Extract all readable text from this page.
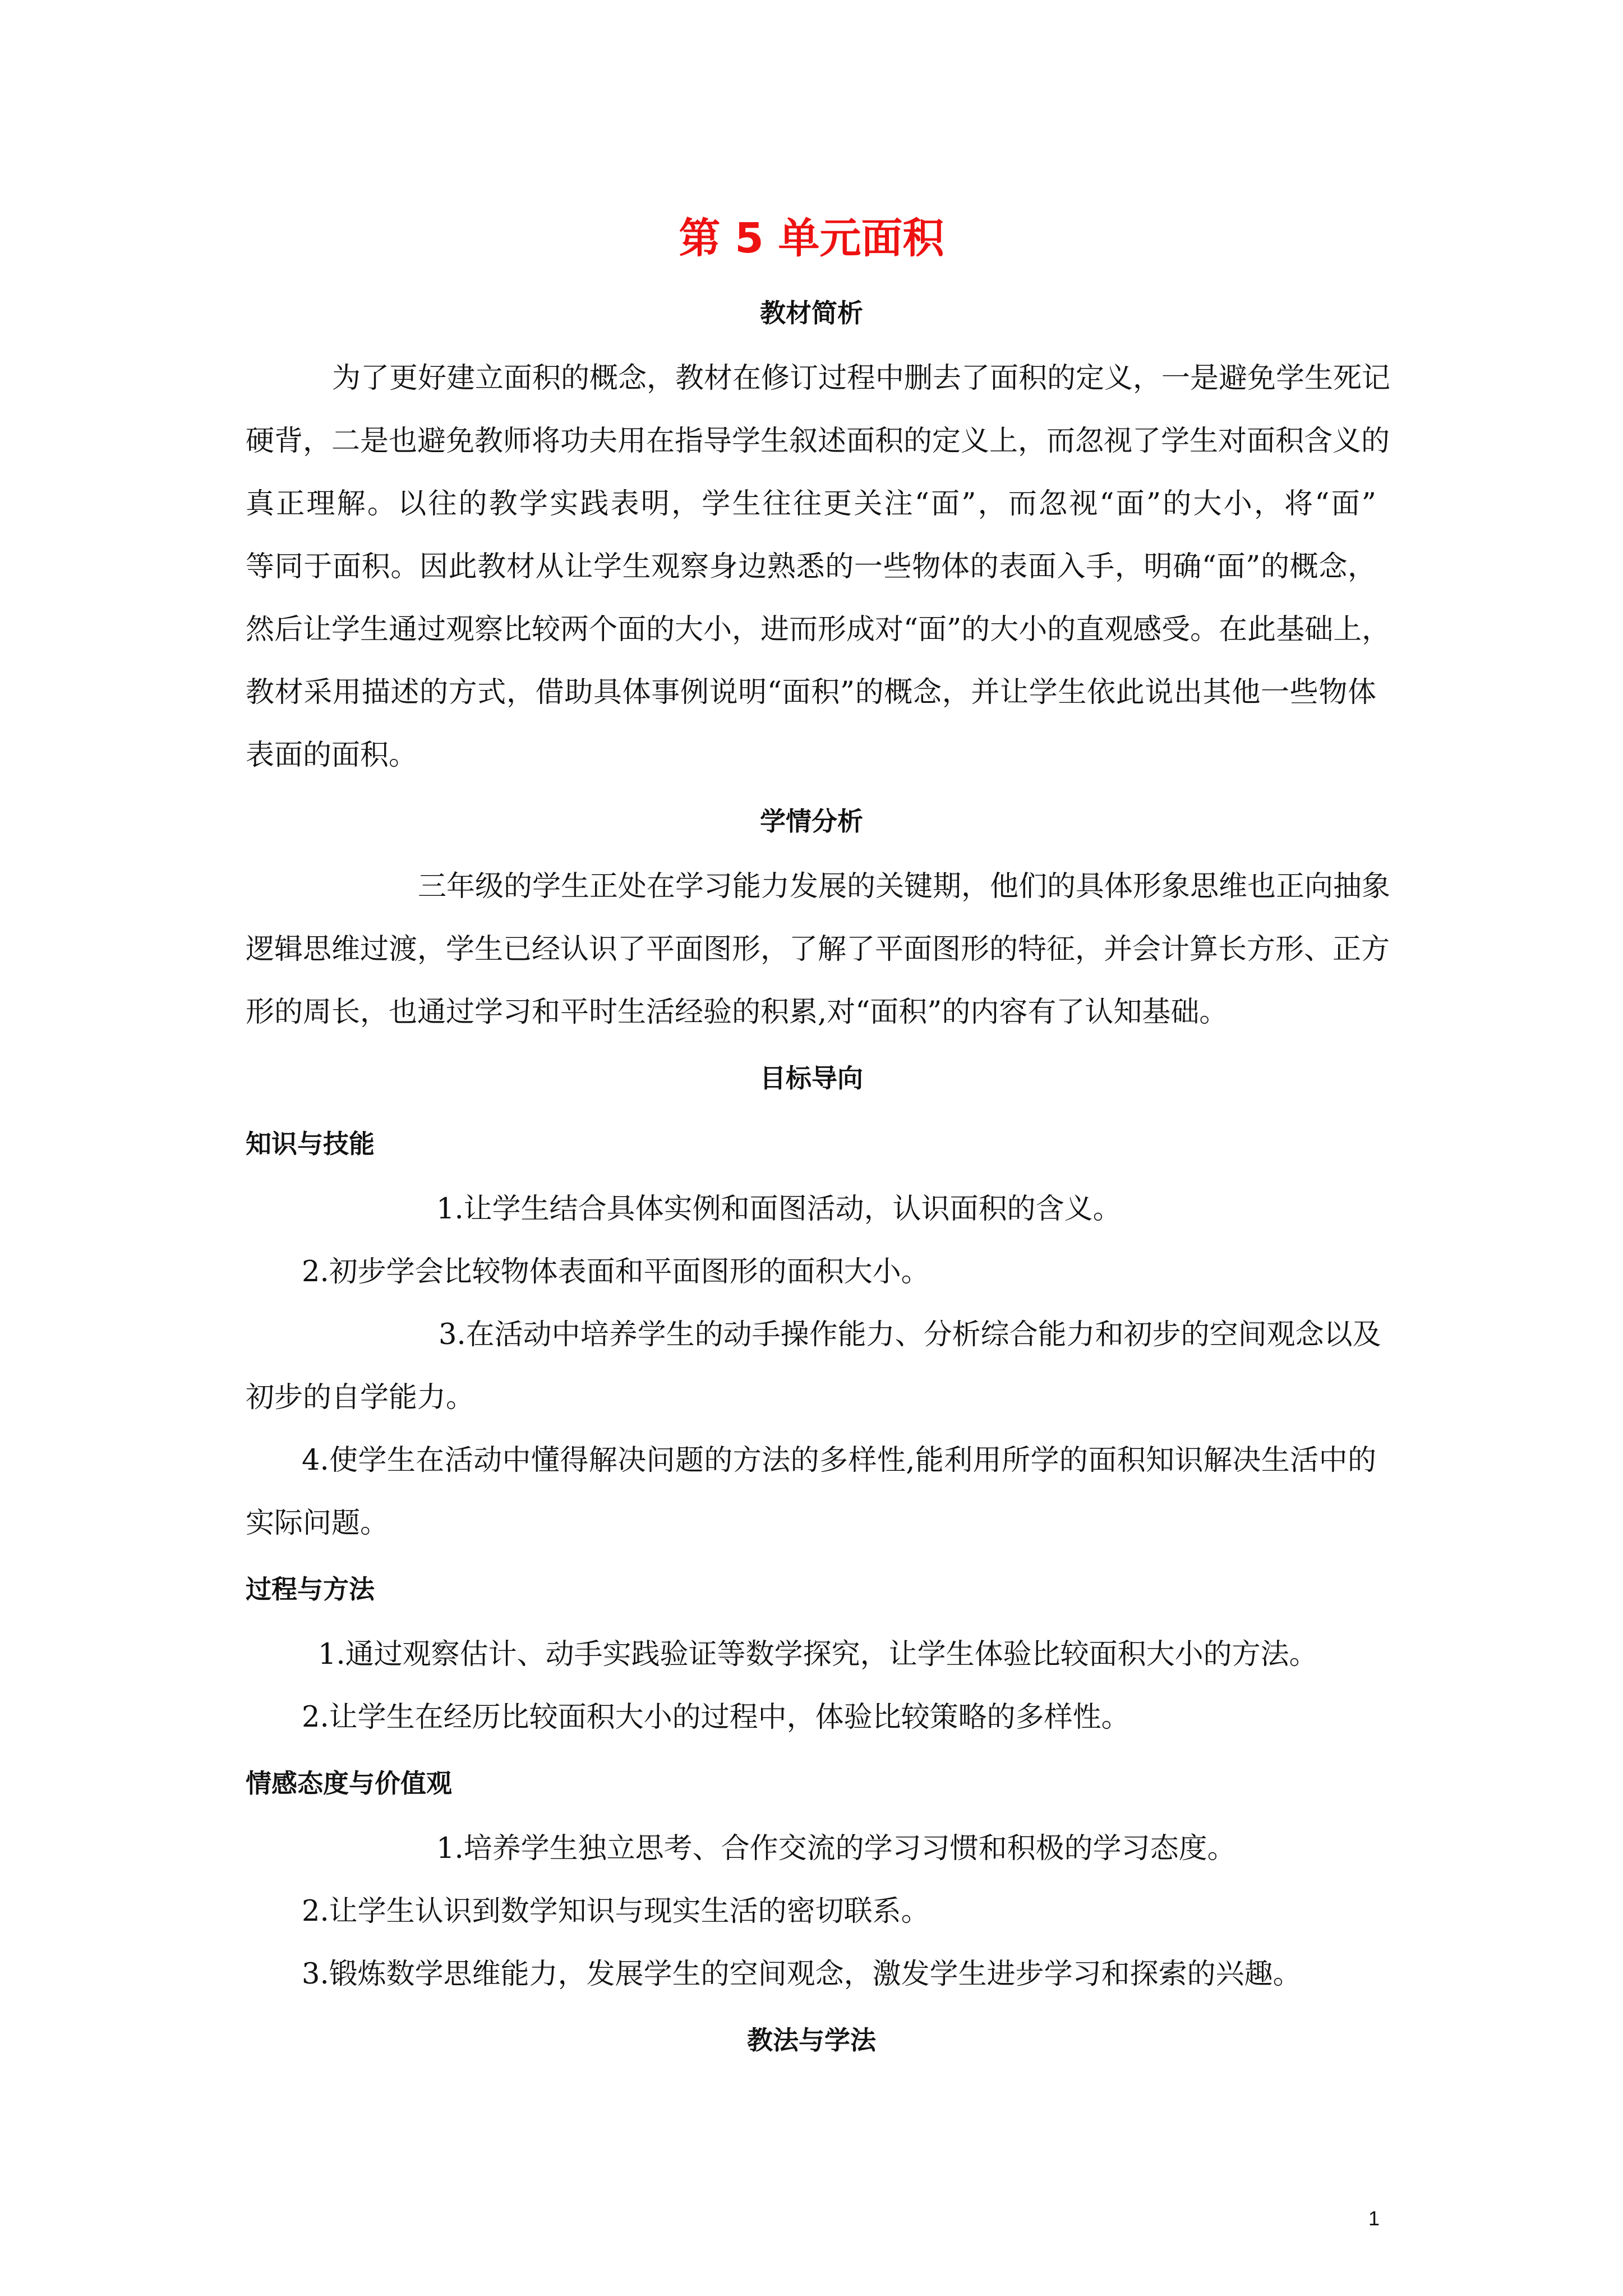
第 5 单元面积
教材简析
为了更好建立面积的概念，教材在修订过程中删去了面积的定义，一是避免学生死记
硬背，二是也避免教师将功夫用在指导学生叙述面积的定义上，而忽视了学生对面积含义的
真正理解。以往的教学实践表明，学生往往更关注“面”，而忽视“面”的大小，将“面”
等同于面积。因此教材从让学生观察身边熟悉的一些物体的表面入手，明确“面”的概念，
然后让学生通过观察比较两个面的大小，进而形成对“面”的大小的直观感受。在此基础上，
教材采用描述的方式，借助具体事例说明“面积”的概念，并让学生依此说出其他一些物体
表面的面积。
学情分析
三年级的学生正处在学习能力发展的关键期，他们的具体形象思维也正向抽象
逻辑思维过渡，学生已经认识了平面图形，了解了平面图形的特征，并会计算长方形、正方
形的周长，也通过学习和平时生活经验的积累,对“面积”的内容有了认知基础。
目标导向
知识与技能
1.让学生结合具体实例和面图活动，认识面积的含义。
2.初步学会比较物体表面和平面图形的面积大小。
3.在活动中培养学生的动手操作能力、分析综合能力和初步的空间观念以及
初步的自学能力。
4.使学生在活动中懂得解决问题的方法的多样性,能利用所学的面积知识解决生活中的
实际问题。
过程与方法
1.通过观察估计、动手实践验证等数学探究，让学生体验比较面积大小的方法。
2.让学生在经历比较面积大小的过程中，体验比较策略的多样性。
情感态度与价值观
1.培养学生独立思考、合作交流的学习习惯和积极的学习态度。
2.让学生认识到数学知识与现实生活的密切联系。
3.锻炼数学思维能力，发展学生的空间观念，激发学生进步学习和探索的兴趣。
教法与学法
1
